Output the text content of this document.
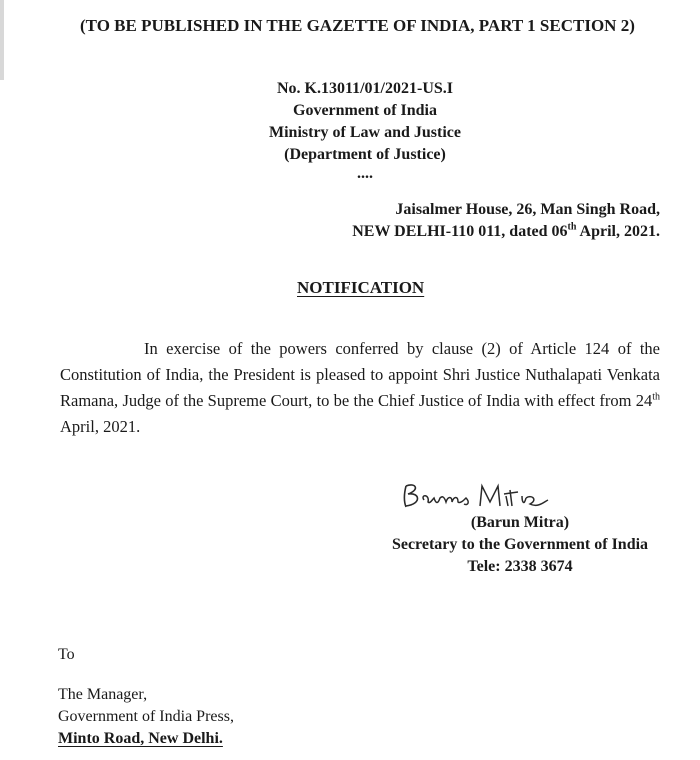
(TO BE PUBLISHED IN THE GAZETTE OF INDIA, PART 1 SECTION 2)
No. K.13011/01/2021-US.I
Government of India
Ministry of Law and Justice
(Department of Justice)
....
Jaisalmer House, 26, Man Singh Road,
NEW DELHI-110 011, dated 06th April, 2021.
NOTIFICATION
In exercise of the powers conferred by clause (2) of Article 124 of the Constitution of India, the President is pleased to appoint Shri Justice Nuthalapati Venkata Ramana, Judge of the Supreme Court, to be the Chief Justice of India with effect from 24th April, 2021.
(Barun Mitra)
Secretary to the Government of India
Tele: 2338 3674
To
The Manager,
Government of India Press,
Minto Road, New Delhi.
